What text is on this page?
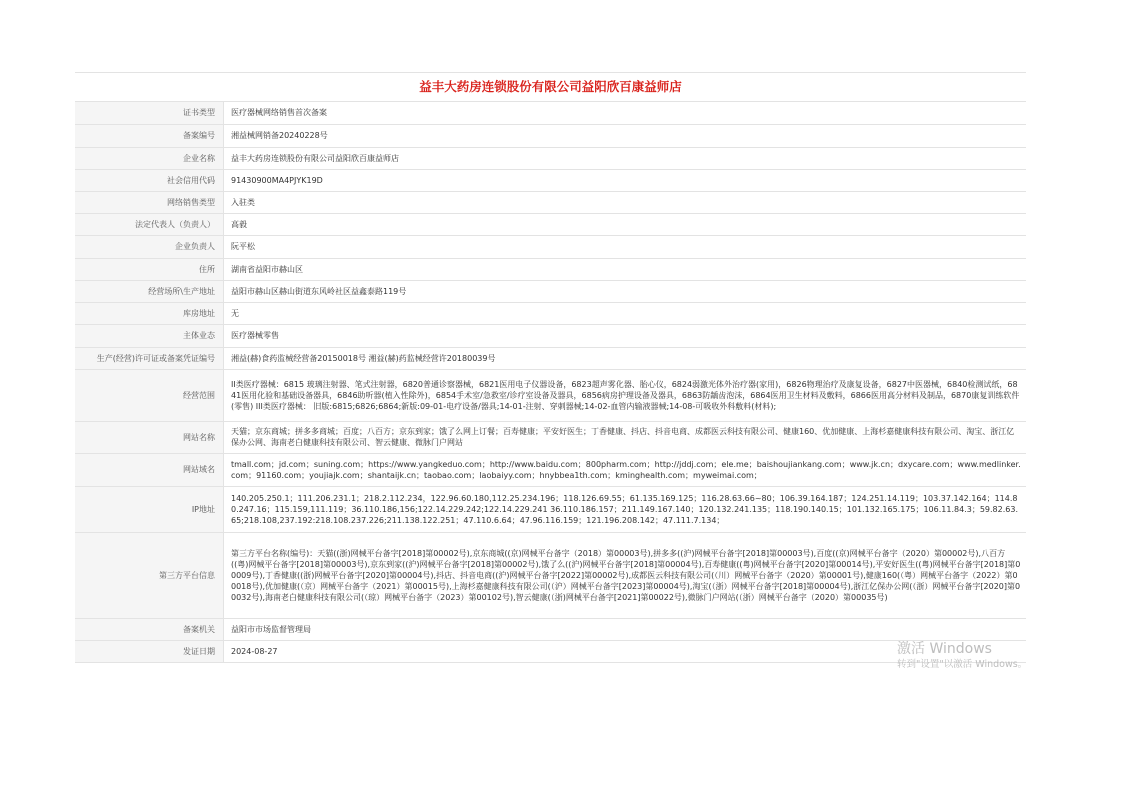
益丰大药房连锁股份有限公司益阳欣百康益师店
证书类型	医疗器械网络销售首次备案
备案编号	湘益械网销备20240228号
企业名称	益丰大药房连锁股份有限公司益阳欣百康益师店
社会信用代码	91430900MA4PJYK19D
网络销售类型	入驻类
法定代表人（负责人）	高毅
企业负责人	阮平松
住所	湖南省益阳市赫山区
经营场所\生产地址	益阳市赫山区赫山街道东风岭社区益鑫泰路119号
库房地址	无
主体业态	医疗器械零售
生产(经营)许可证或备案凭证编号	湘益(赫)食药监械经营备20150018号 湘益(赫)药监械经营许20180039号
经营范围	II类医疗器械：6815 玻璃注射器、笔式注射器，6820普通诊察器械，6821医用电子仪器设备，6823超声雾化器、胎心仪，6824弱激光体外治疗器(家用)，6826物理治疗及康复设备，6827中医器械，6840检测试纸，6841医用化验和基础设备器具，6846助听器(植入性除外)，6854手术室/急救室/诊疗室设备及器具，6856病房护理设备及器具，6863防龋齿泡沫，6864医用卫生材料及敷料，6866医用高分材料及制品，6870康复训练软件(零售) III类医疗器械： 旧版:6815;6826;6864;新版:09-01-电疗设备/器具;14-01-注射、穿刺器械;14-02-血管内输液器械;14-08-可吸收外科敷料(材料);
网站名称	天猫；京东商城；拼多多商城；百度；八百方；京东到家；饿了么网上订餐；百寿健康；平安好医生；丁香健康、抖店、抖音电商、成都医云科技有限公司、健康160、优加健康、上海杉嘉健康科技有限公司、淘宝、浙江亿保办公网、海南老白健康科技有限公司、智云健康、微脉门户网站
网站域名	tmall.com；jd.com；suning.com；https://www.yangkeduo.com；http://www.baidu.com；800pharm.com；http://jddj.com；ele.me；baishoujiankang.com；www.jk.cn；dxycare.com；www.medlinker.com；91160.com；youjiajk.com；shantaijk.cn；taobao.com；laobaiyy.com；hnybbea1th.com；kminghealth.com；myweimai.com；
IP地址	140.205.250.1；111.206.231.1；218.2.112.234，122.96.60.180,112.25.234.196；118.126.69.55；61.135.169.125；116.28.63.66~80；106.39.164.187；124.251.14.119；103.37.142.164；114.80.247.16；115.159,111.119；36.110.186,156;122.14.229.242;122.14.229.241 36.110.186.157；211.149.167.140；120.132.241.135；118.190.140.15；101.132.165.175；106.11.84.3；59.82.63.65;218.108,237.192:218.108.237.226;211.138.122.251；47.110.6.64；47.96.116.159；121.196.208.142；47.111.7.134；
第三方平台信息	第三方平台名称(编号)：天猫((浙)网械平台备字[2018]第00002号),京东商城((京)网械平台备字（2018）第00003号),拼多多((沪)网械平台备字[2018]第00003号),百度((京)网械平台备字（2020）第00002号),八百方((粤)网械平台备字[2018]第00003号),京东到家((沪)网械平台备字[2018]第00002号),饿了么((沪)网械平台备字[2018]第00004号),百寿健康((粤)网械平台备字[2020]第00014号),平安好医生((粤)网械平台备字[2018]第00009号),丁香健康((浙)网械平台备字[2020]第00004号),抖店、抖音电商((沪)网械平台备字[2022]第00002号),成都医云科技有限公司(（川）网械平台备字（2020）第00001号),健康160(（粤）网械平台备字（2022）第00018号),优加健康(（京）网械平台备字（2021）第00015号),上海杉嘉健康科技有限公司(（沪）网械平台备字[2023]第00004号),淘宝(（浙）网械平台备字[2018]第00004号),浙江亿保办公网(（浙）网械平台备字[2020]第00032号),海南老白健康科技有限公司(（琼）网械平台备字（2023）第00102号),智云健康(（浙)网械平台备字[2021]第00022号),微脉门户网站(（浙）网械平台备字（2020）第00035号)
备案机关	益阳市市场监督管理局
发证日期	2024-08-27	激活 Windows
转到"设置"以激活 Windows。
